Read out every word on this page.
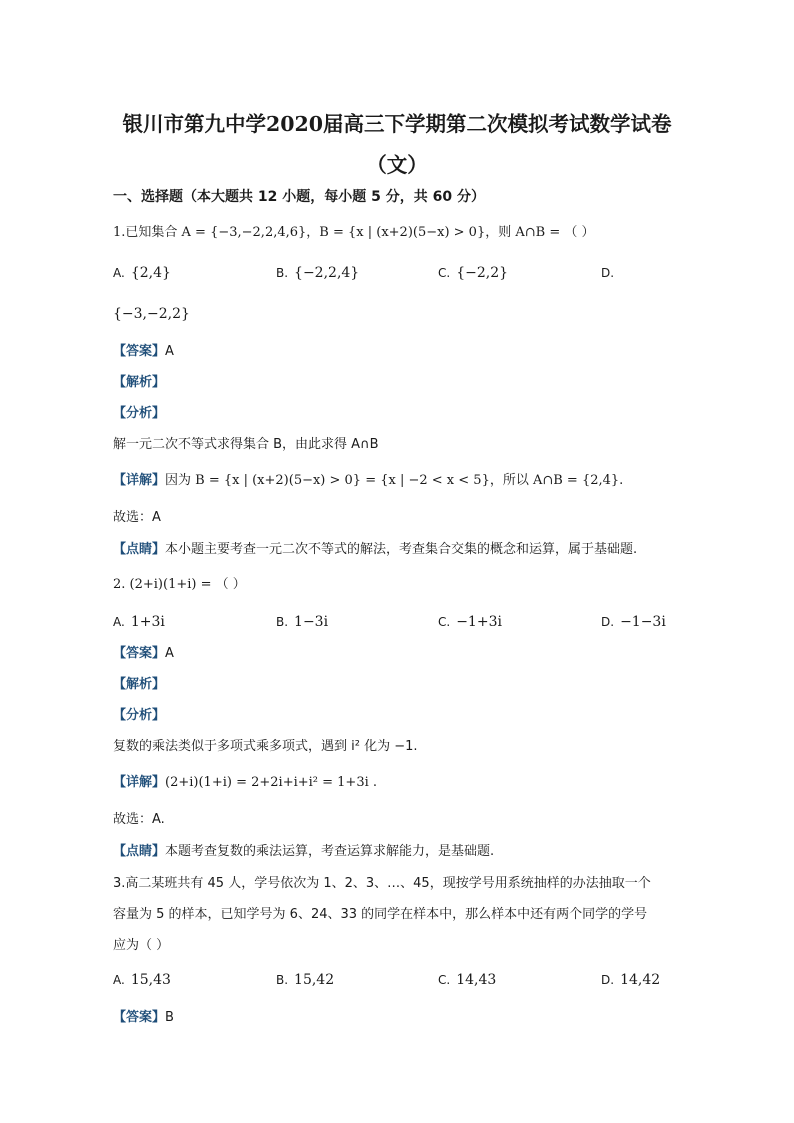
银川市第九中学2020届高三下学期第二次模拟考试数学试卷
（文）
一、选择题（本大题共 12 小题，每小题 5 分，共 60 分）
1.已知集合 A = {−3,−2,2,4,6}，B = {x | (x+2)(5−x) > 0}，则 A∩B = （ ）
A. {2,4}	B. {−2,2,4}	C. {−2,2}	D.
{−3,−2,2}
【答案】A
【解析】
【分析】
解一元二次不等式求得集合 B，由此求得 A∩B
【详解】因为 B = {x | (x+2)(5−x) > 0} = {x | −2 < x < 5}，所以 A∩B = {2,4}.
故选：A
【点睛】本小题主要考查一元二次不等式的解法，考查集合交集的概念和运算，属于基础题.
2. (2+i)(1+i) = （ ）
A. 1+3i	B. 1−3i	C. −1+3i	D. −1−3i
【答案】A
【解析】
【分析】
复数的乘法类似于多项式乘多项式，遇到 i² 化为 −1.
【详解】(2+i)(1+i) = 2+2i+i+i² = 1+3i .
故选：A.
【点睛】本题考查复数的乘法运算，考查运算求解能力，是基础题.
3.高二某班共有 45 人，学号依次为 1、2、3、…、45，现按学号用系统抽样的办法抽取一个
容量为 5 的样本，已知学号为 6、24、33 的同学在样本中，那么样本中还有两个同学的学号
应为（ ）
A. 15,43	B. 15,42	C. 14,43	D. 14,42
【答案】B
